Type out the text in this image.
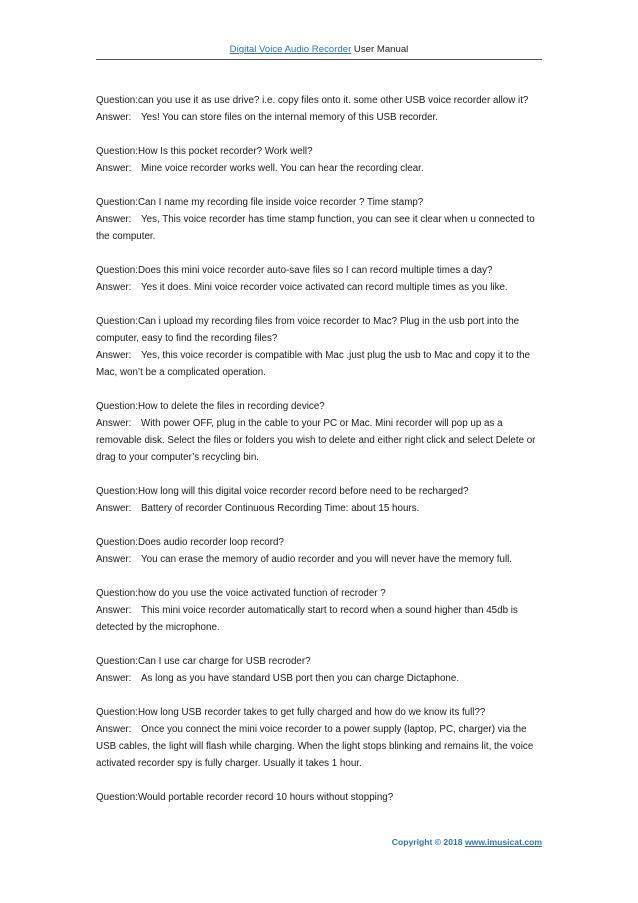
Digital Voice Audio Recorder User Manual
Question:can you use it as use drive? i.e. copy files onto it. some other USB voice recorder allow it?
Answer: Yes! You can store files on the internal memory of this USB recorder.
Question:How Is this pocket recorder? Work well?
Answer: Mine voice recorder works well. You can hear the recording clear.
Question:Can I name my recording file inside voice recorder ? Time stamp?
Answer: Yes, This voice recorder has time stamp function, you can see it clear when u connected to the computer.
Question:Does this mini voice recorder auto-save files so I can record multiple times a day?
Answer: Yes it does. Mini voice recorder voice activated can record multiple times as you like.
Question:Can i upload my recording files from voice recorder to Mac? Plug in the usb port into the computer, easy to find the recording files?
Answer: Yes, this voice recorder is compatible with Mac .just plug the usb to Mac and copy it to the Mac, won’t be a complicated operation.
Question:How to delete the files in recording device?
Answer: With power OFF, plug in the cable to your PC or Mac. Mini recorder will pop up as a removable disk. Select the files or folders you wish to delete and either right click and select Delete or drag to your computer’s recycling bin.
Question:How long will this digital voice recorder record before need to be recharged?
Answer: Battery of recorder Continuous Recording Time: about 15 hours.
Question:Does audio recorder loop record?
Answer: You can erase the memory of audio recorder and you will never have the memory full.
Question:how do you use the voice activated function of recroder ?
Answer: This mini voice recorder automatically start to record when a sound higher than 45db is detected by the microphone.
Question:Can I use car charge for USB recroder?
Answer: As long as you have standard USB port then you can charge Dictaphone.
Question:How long USB recorder takes to get fully charged and how do we know its full??
Answer: Once you connect the mini voice recorder to a power supply (laptop, PC, charger) via the USB cables, the light will flash while charging. When the light stops blinking and remains lit, the voice activated recorder spy is fully charger. Usually it takes 1 hour.
Question:Would portable recorder record 10 hours without stopping?
Copyright © 2018 www.imusicat.com
